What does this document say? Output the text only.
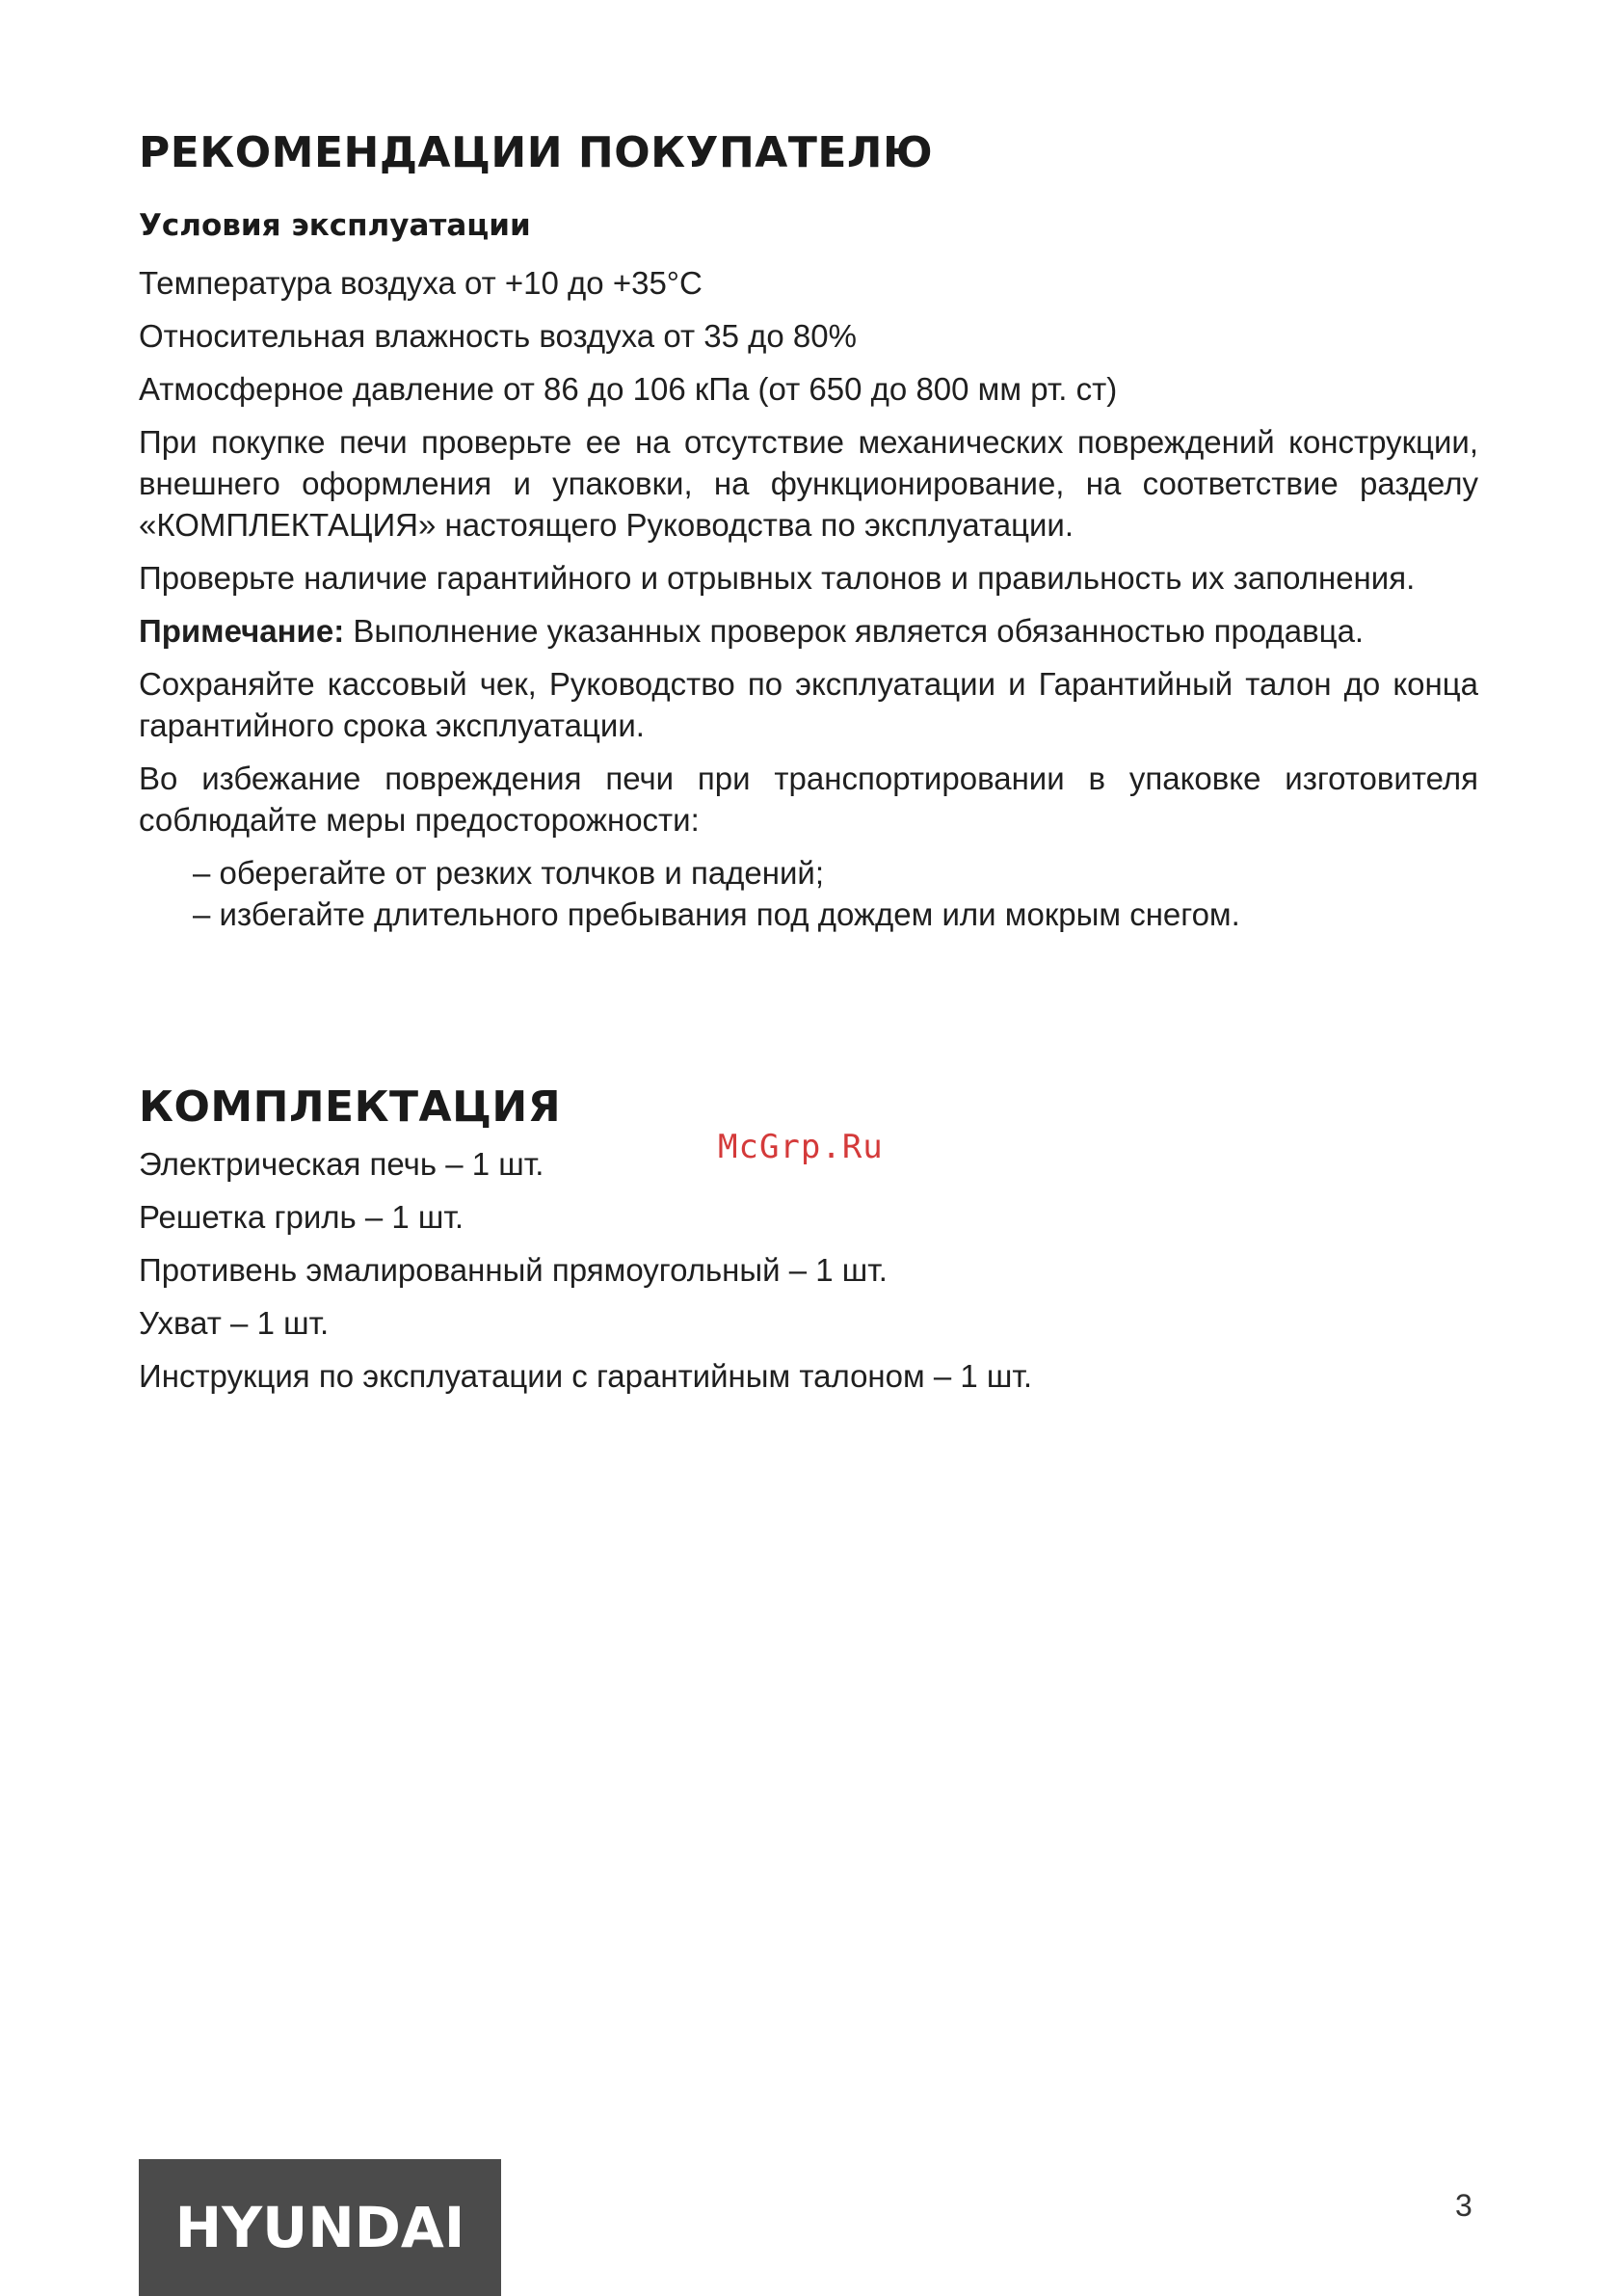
РЕКОМЕНДАЦИИ ПОКУПАТЕЛЮ
Условия эксплуатации

Температура воздуха от +10 до +35°С

Относительная влажность воздуха от 35 до 80%

Атмосферное давление от 86 до 106 кПа (от 650 до 800 мм рт. ст)

При покупке печи проверьте ее на отсутствие механических повреждений конструкции, внешнего оформления и упаковки, на функционирование, на соответствие разделу «КОМПЛЕКТАЦИЯ» настоящего Руководства по эксплуатации.

Проверьте наличие гарантийного и отрывных талонов и правильность их заполнения.

Примечание: Выполнение указанных проверок является обязанностью продавца.

Сохраняйте кассовый чек, Руководство по эксплуатации и Гарантийный талон до конца гарантийного срока эксплуатации.

Во избежание повреждения печи при транспортировании в упаковке изготовителя соблюдайте меры предосторожности:

– оберегайте от резких толчков и падений;
– избегайте длительного пребывания под дождем или мокрым снегом.
КОМПЛЕКТАЦИЯ

Электрическая печь – 1 шт.

Решетка гриль – 1 шт.

Противень эмалированный прямоугольный – 1 шт.

Ухват – 1 шт.

Инструкция по эксплуатации с гарантийным талоном – 1 шт.

McGrp.Ru
HYUNDAI	3
